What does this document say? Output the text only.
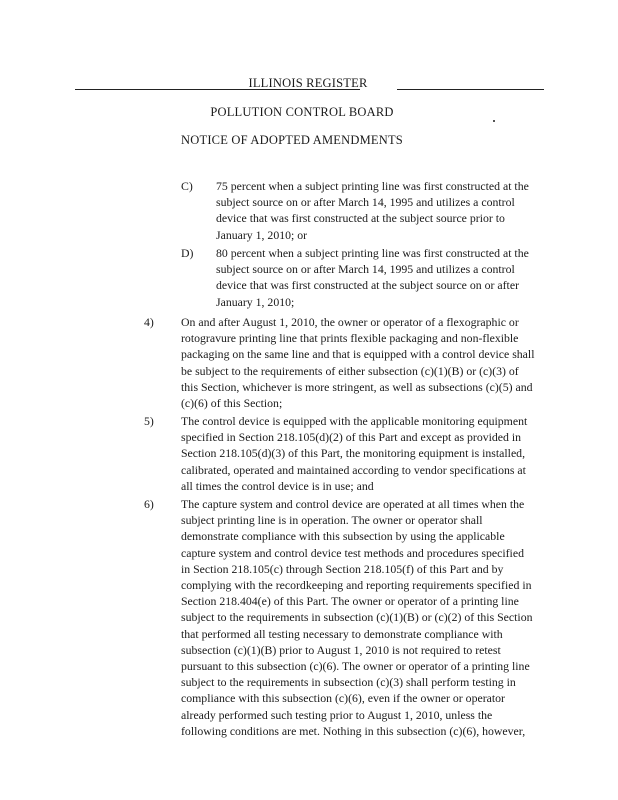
ILLINOIS REGISTER
POLLUTION CONTROL BOARD
NOTICE OF ADOPTED AMENDMENTS
C) 75 percent when a subject printing line was first constructed at the
subject source on or after March 14, 1995 and utilizes a control
device that was first constructed at the subject source prior to
January 1, 2010; or
D) 80 percent when a subject printing line was first constructed at the
subject source on or after March 14, 1995 and utilizes a control
device that was first constructed at the subject source on or after
January 1, 2010;
4) On and after August 1, 2010, the owner or operator of a flexographic or
rotogravure printing line that prints flexible packaging and non-flexible
packaging on the same line and that is equipped with a control device shall
be subject to the requirements of either subsection (c)(1)(B) or (c)(3) of
this Section, whichever is more stringent, as well as subsections (c)(5) and
(c)(6) of this Section;
5) The control device is equipped with the applicable monitoring equipment
specified in Section 218.105(d)(2) of this Part and except as provided in
Section 218.105(d)(3) of this Part, the monitoring equipment is installed,
calibrated, operated and maintained according to vendor specifications at
all times the control device is in use; and
6) The capture system and control device are operated at all times when the
subject printing line is in operation. The owner or operator shall
demonstrate compliance with this subsection by using the applicable
capture system and control device test methods and procedures specified
in Section 218.105(c) through Section 218.105(f) of this Part and by
complying with the recordkeeping and reporting requirements specified in
Section 218.404(e) of this Part. The owner or operator of a printing line
subject to the requirements in subsection (c)(1)(B) or (c)(2) of this Section
that performed all testing necessary to demonstrate compliance with
subsection (c)(1)(B) prior to August 1, 2010 is not required to retest
pursuant to this subsection (c)(6). The owner or operator of a printing line
subject to the requirements in subsection (c)(3) shall perform testing in
compliance with this subsection (c)(6), even if the owner or operator
already performed such testing prior to August 1, 2010, unless the
following conditions are met. Nothing in this subsection (c)(6), however,
